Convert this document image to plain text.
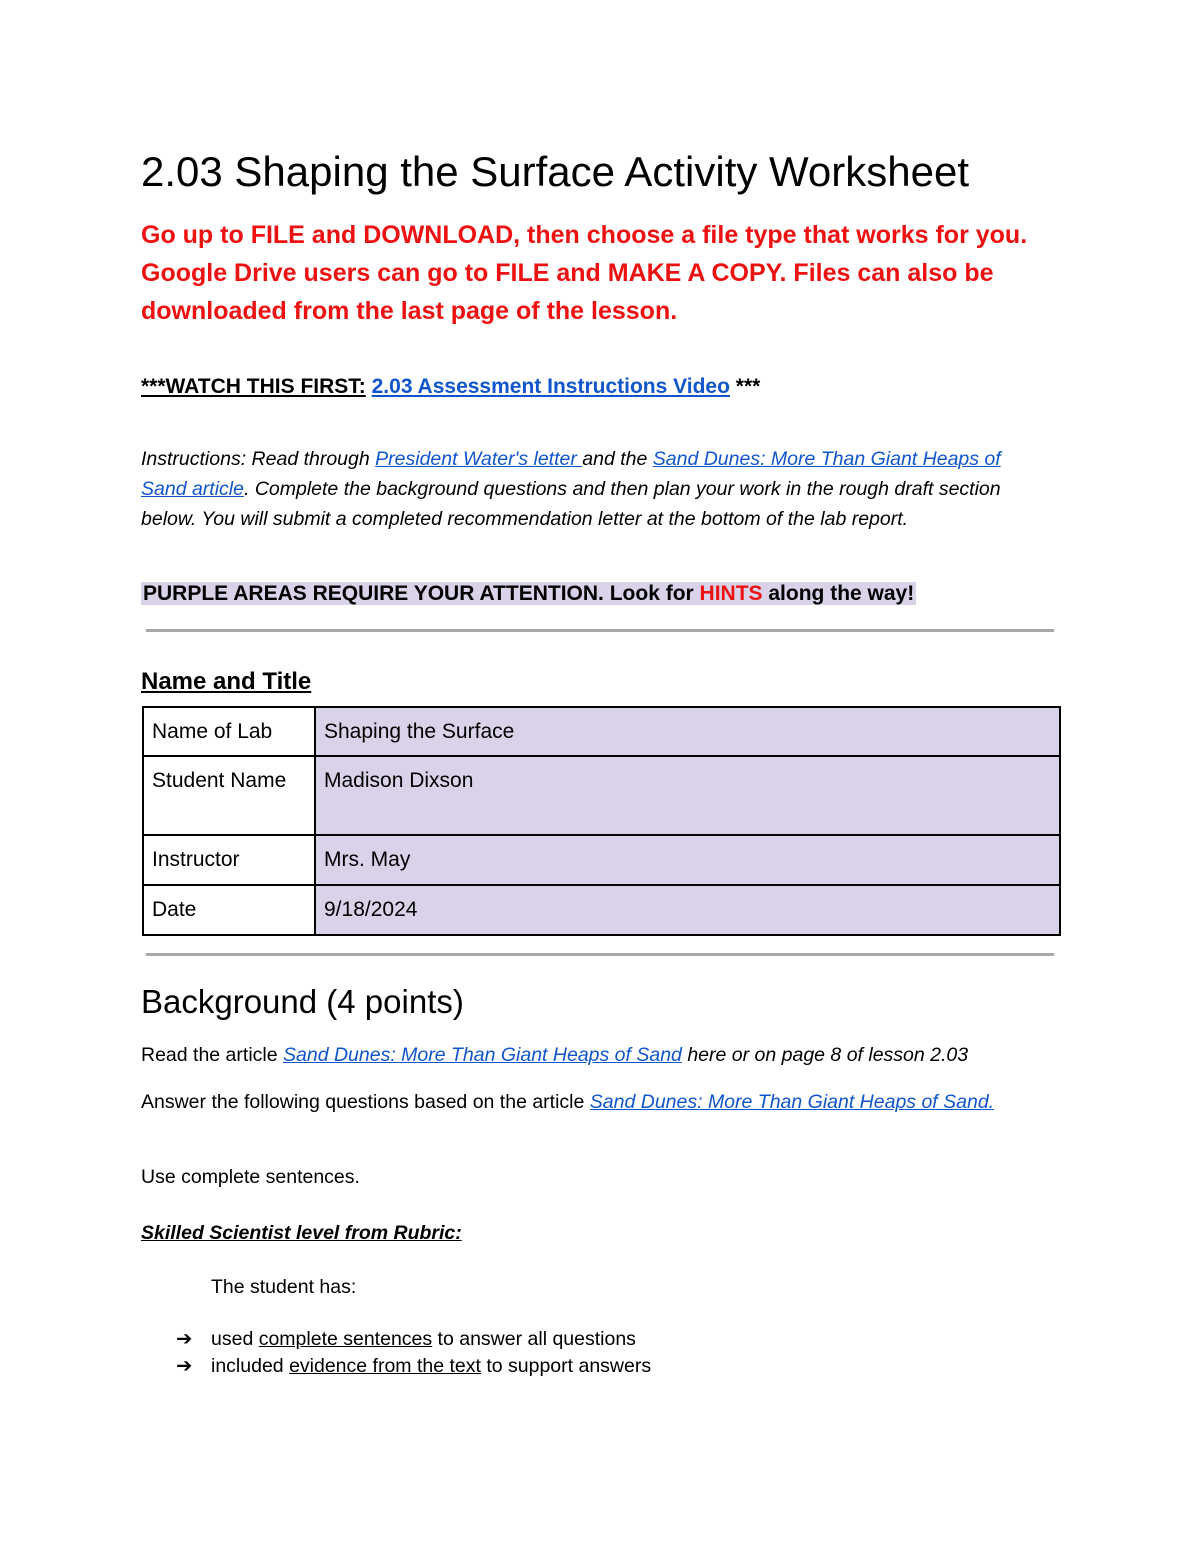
2.03 Shaping the Surface Activity Worksheet

Go up to FILE and DOWNLOAD, then choose a file type that works for you. Google Drive users can go to FILE and MAKE A COPY. Files can also be downloaded from the last page of the lesson.

***WATCH THIS FIRST: 2.03 Assessment Instructions Video ***

Instructions: Read through President Water's letter and the Sand Dunes: More Than Giant Heaps of Sand article. Complete the background questions and then plan your work in the rough draft section below. You will submit a completed recommendation letter at the bottom of the lab report.

PURPLE AREAS REQUIRE YOUR ATTENTION. Look for HINTS along the way!
Name and Title
Name of Lab	Shaping the Surface
Student Name	Madison Dixson
Instructor	Mrs. May
Date	9/18/2024
Background (4 points)

Read the article Sand Dunes: More Than Giant Heaps of Sand here or on page 8 of lesson 2.03

Answer the following questions based on the article Sand Dunes: More Than Giant Heaps of Sand.

Use complete sentences.

Skilled Scientist level from Rubric:
The student has:
➔ used complete sentences to answer all questions
➔ included evidence from the text to support answers
